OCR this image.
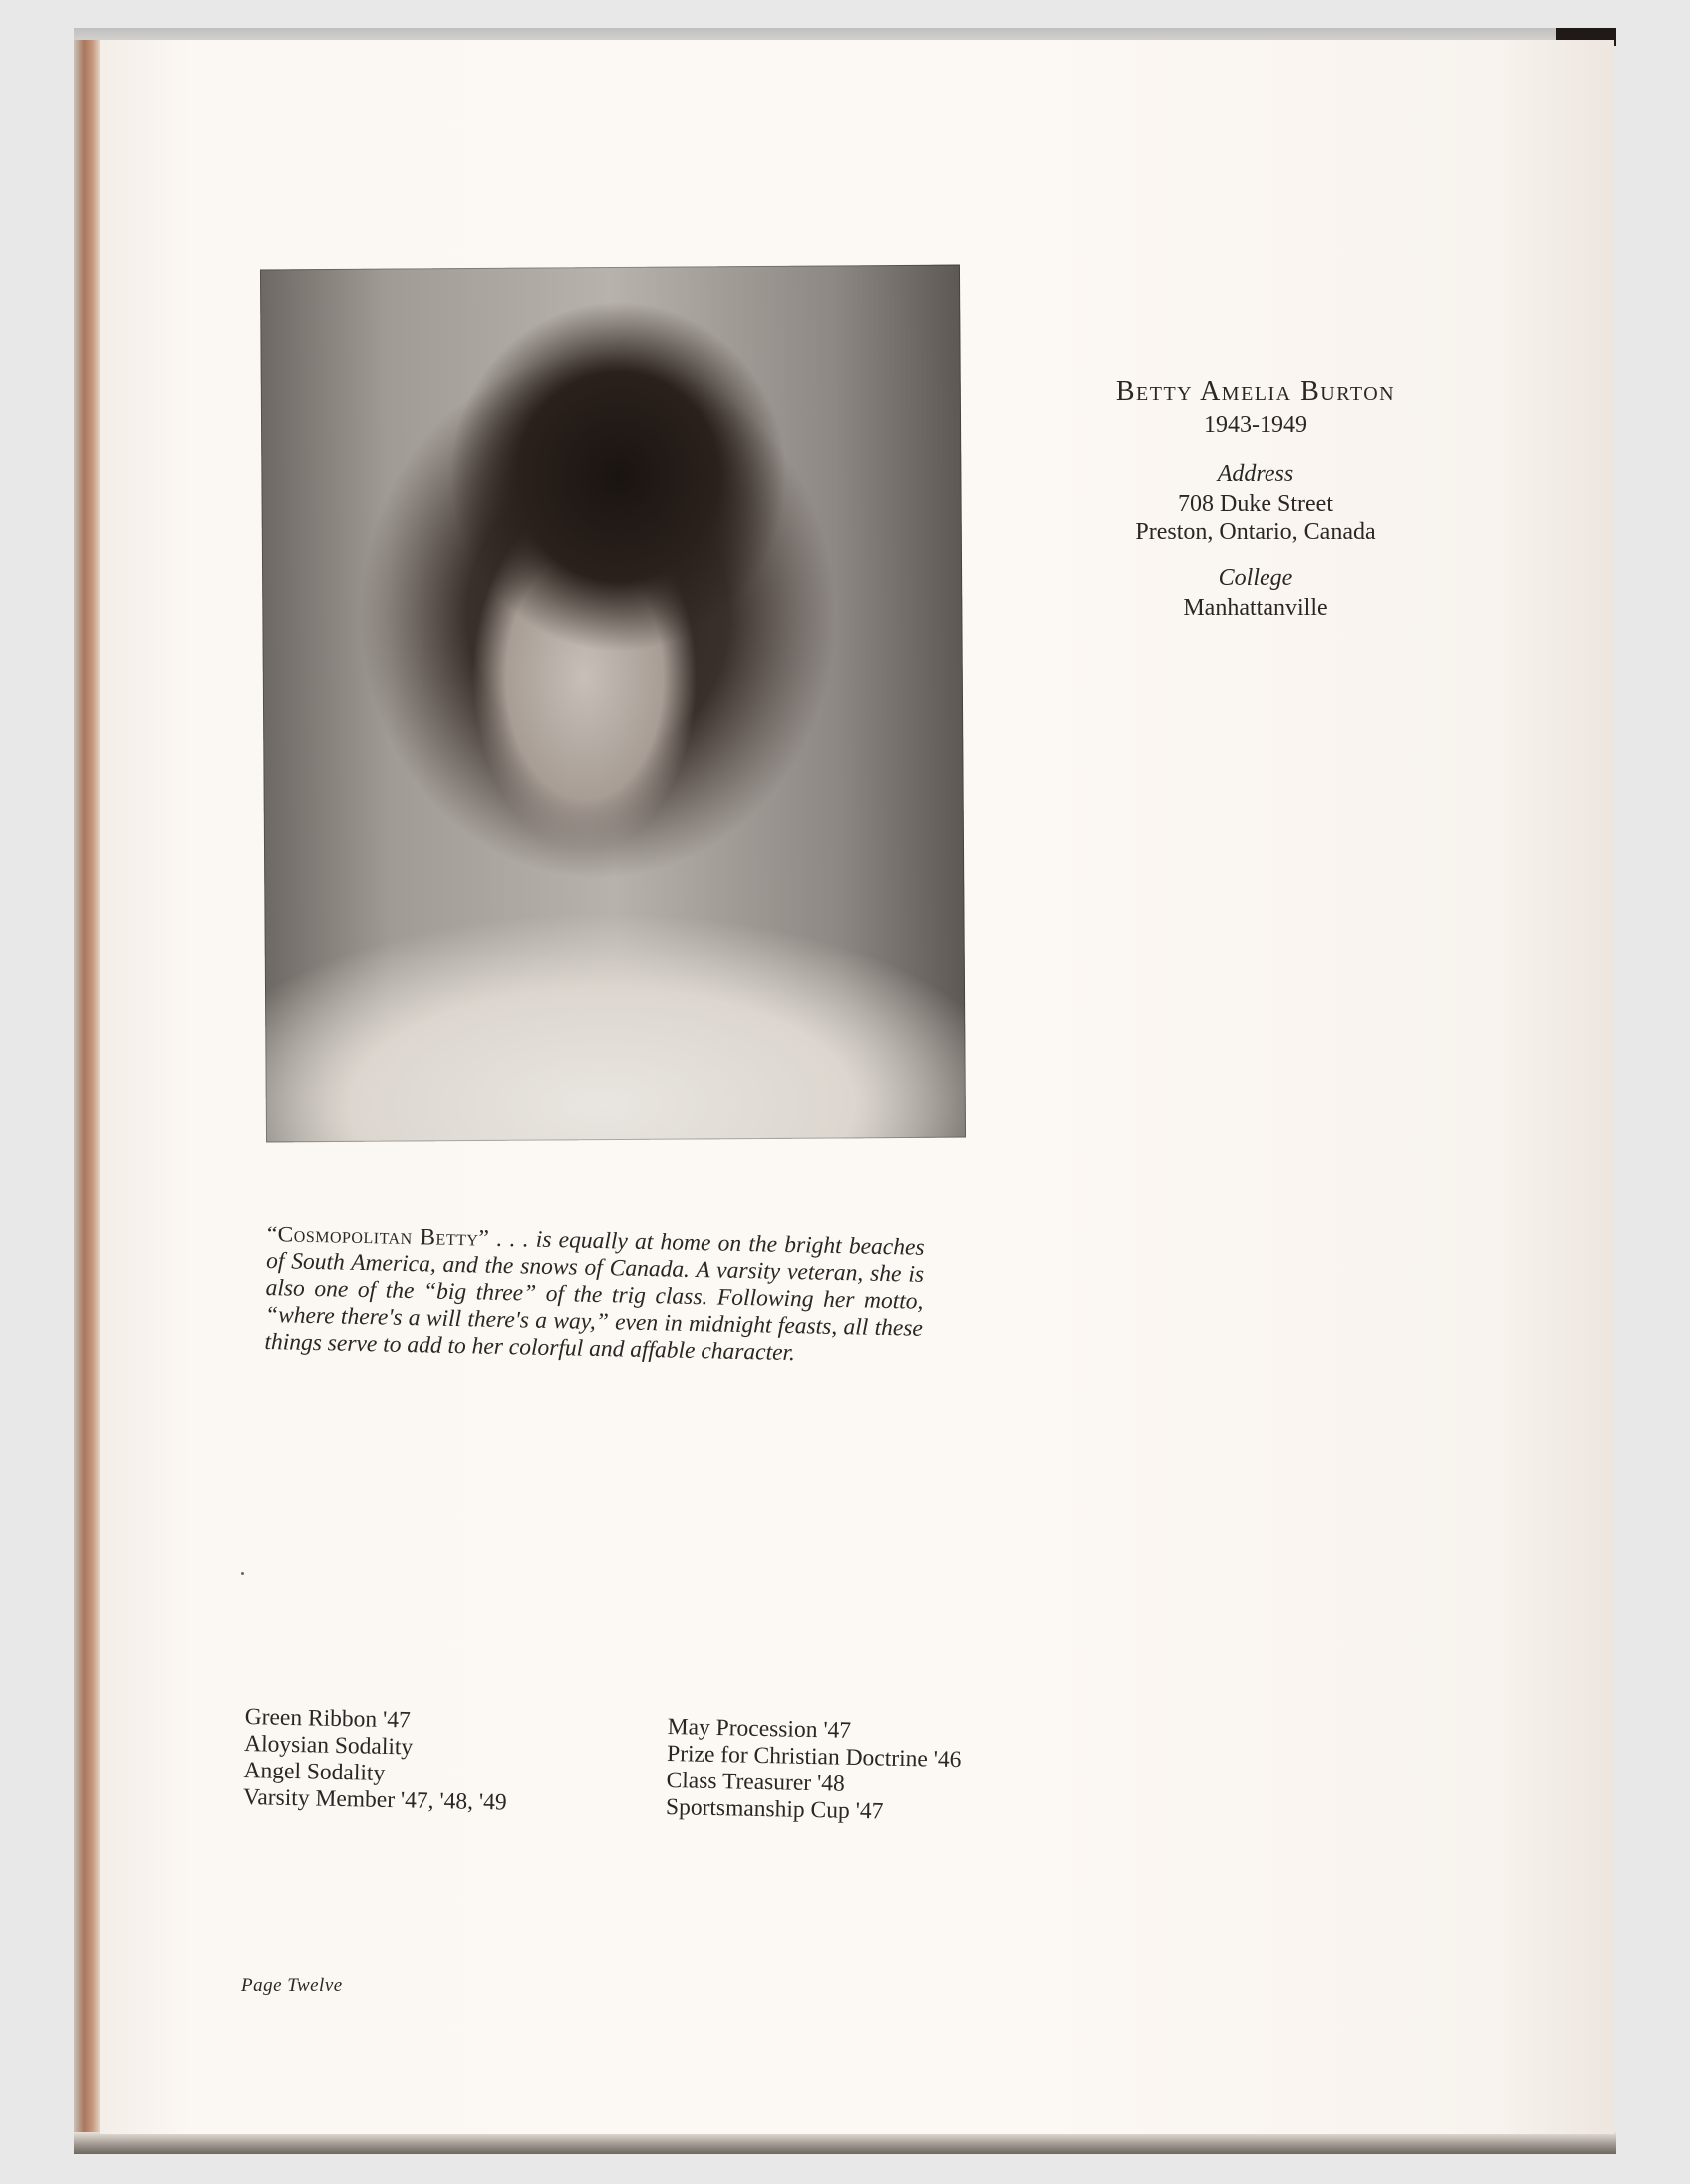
Betty Amelia Burton

1943-1949

Address

708 Duke Street

Preston, Ontario, Canada

College

Manhattanville

“Cosmopolitan Betty” . . . is equally at home on the bright beaches of South America, and the snows of Canada. A varsity veteran, she is also one of the “big three” of the trig class. Following her motto, “where there's a will there's a way,” even in midnight feasts, all these things serve to add to her colorful and affable character.
Green Ribbon '47
Aloysian Sodality
Angel Sodality
Varsity Member '47, '48, '49
May Procession '47
Prize for Christian Doctrine '46
Class Treasurer '48
Sportsmanship Cup '47
Page Twelve
